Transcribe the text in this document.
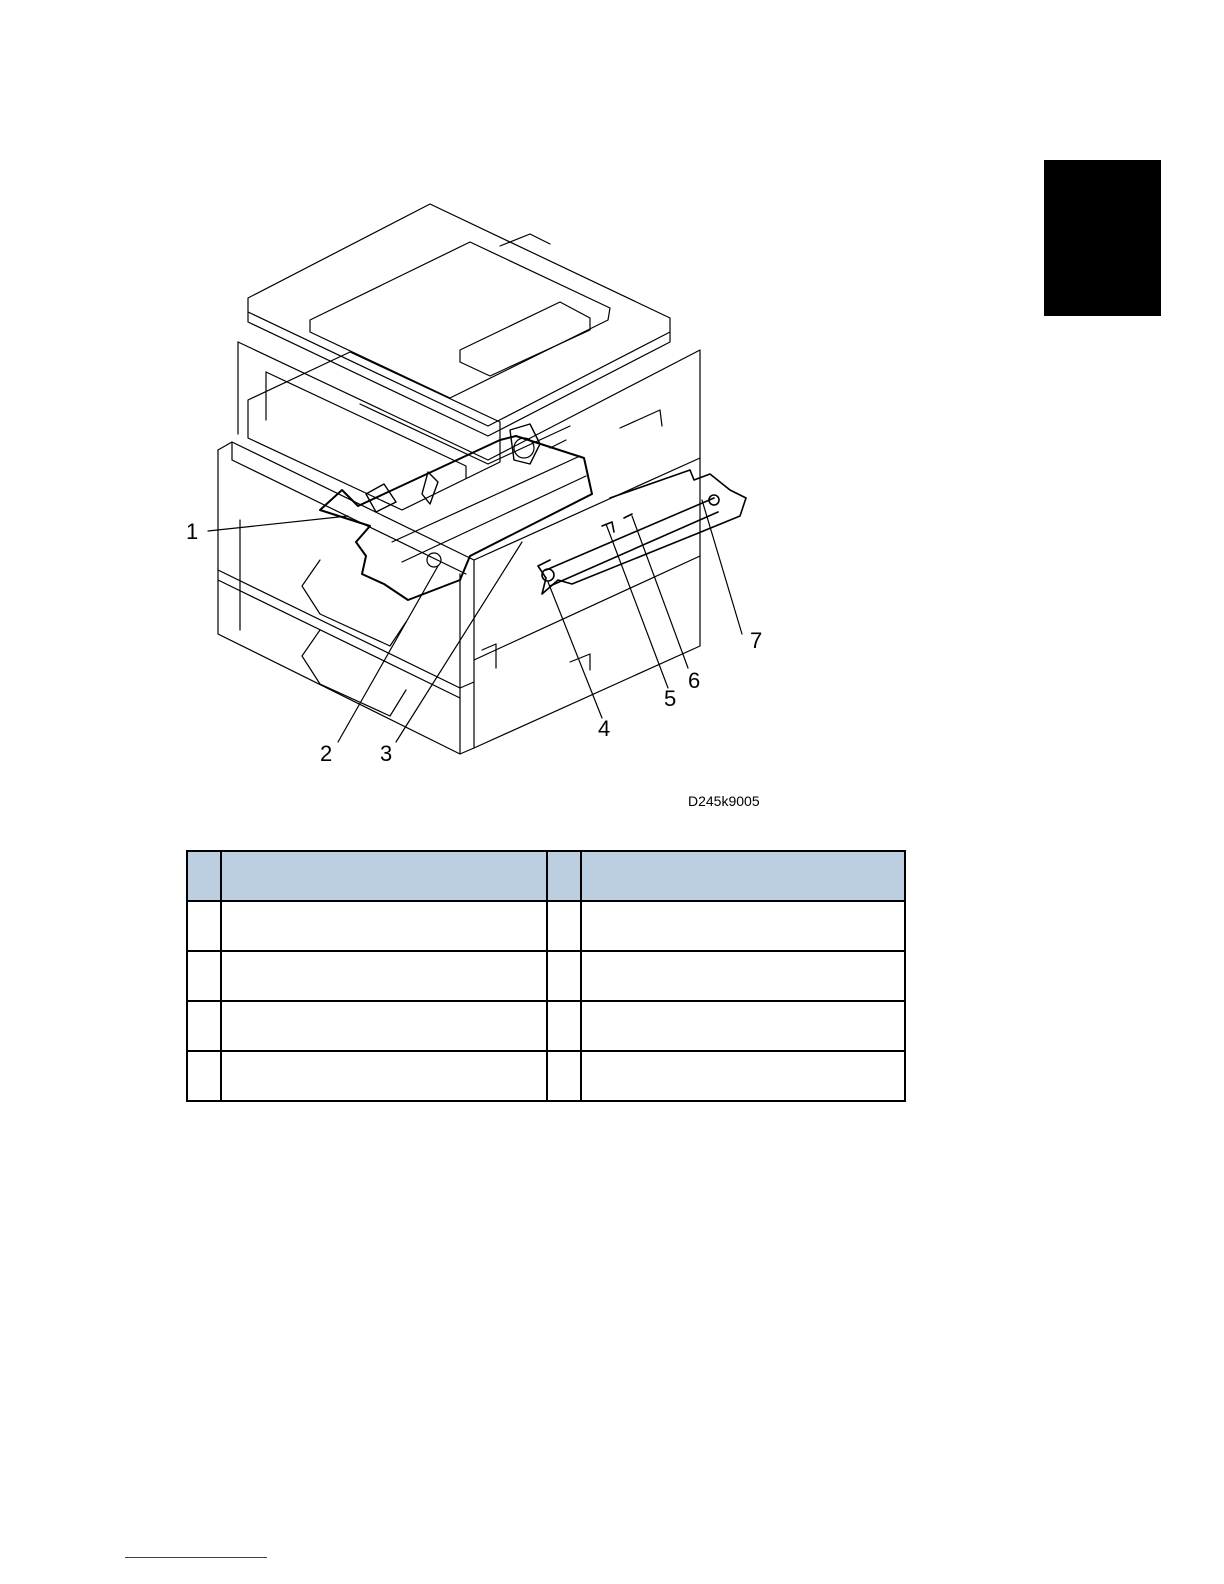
1
2 3
4
5
6
7
D245k9005
